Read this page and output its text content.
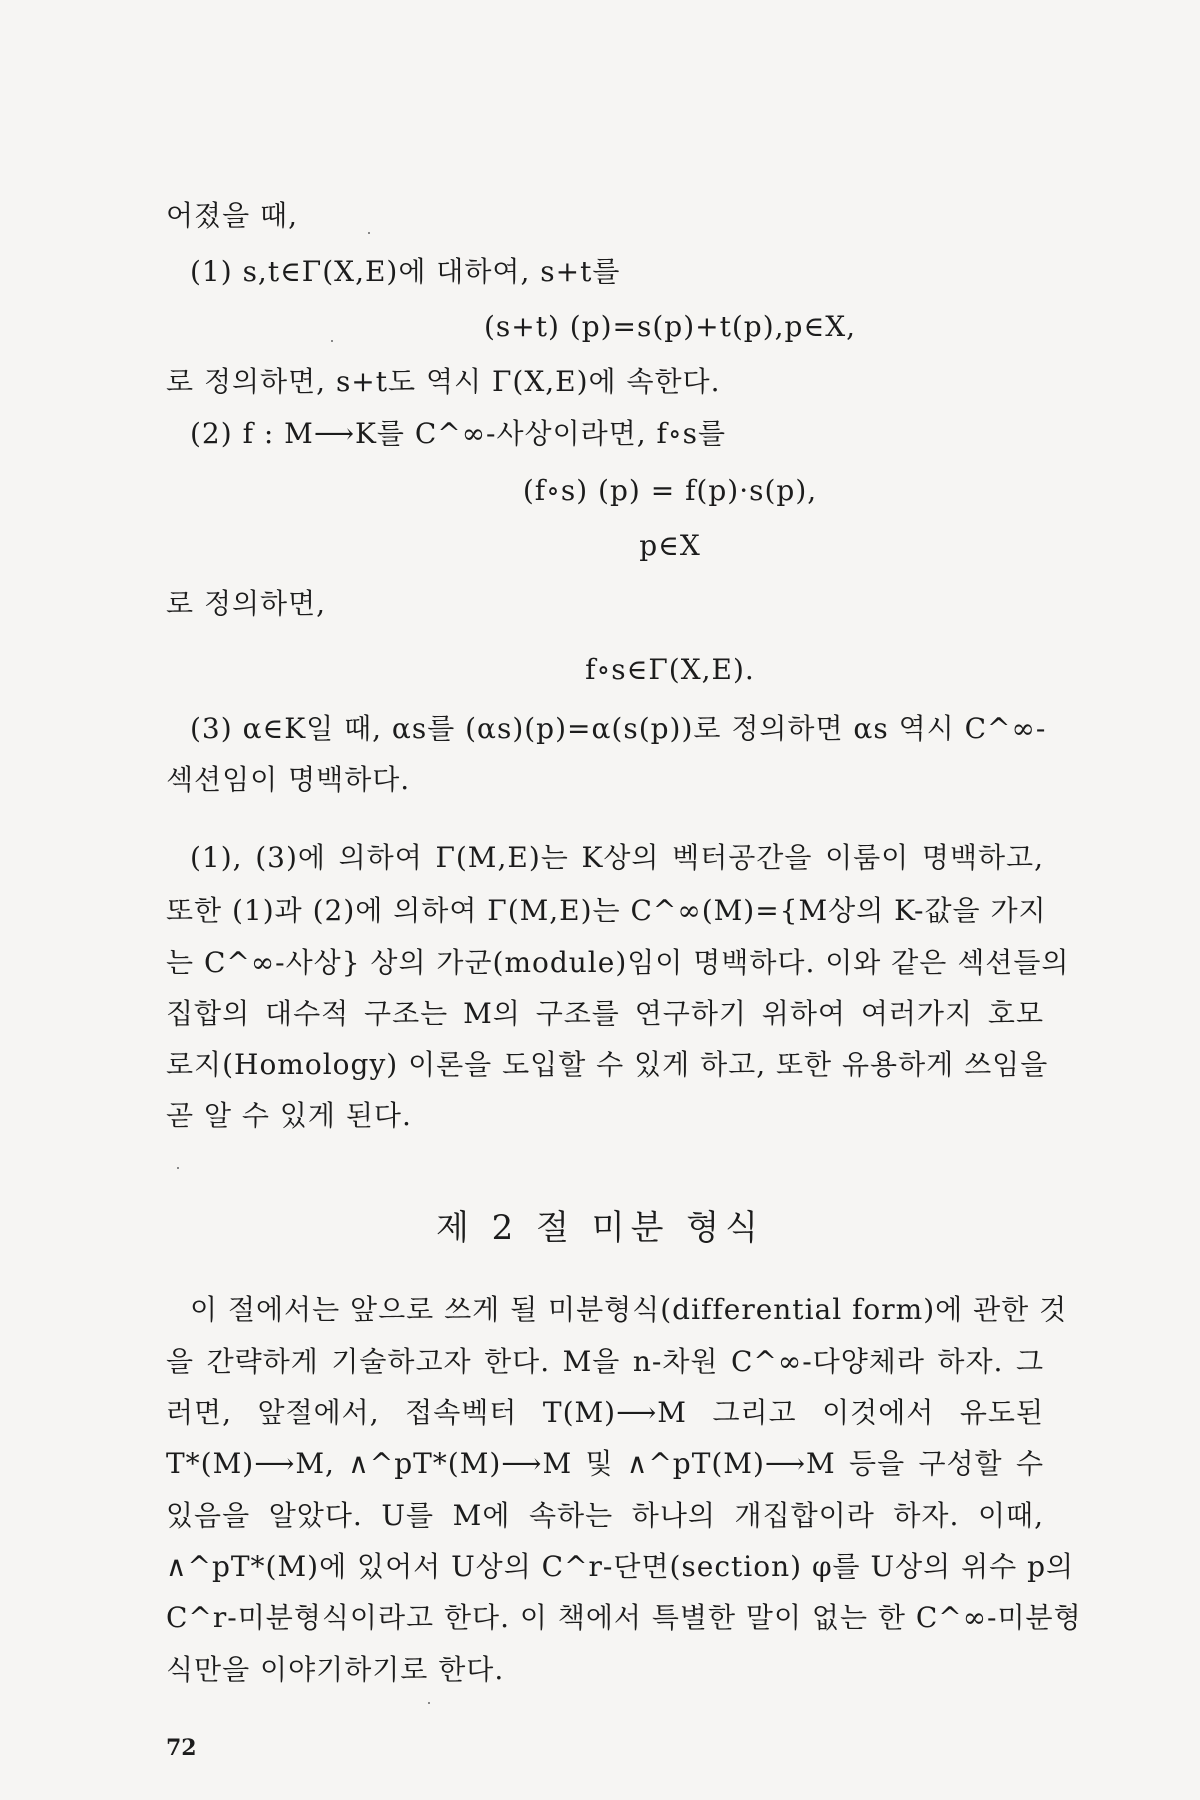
어졌을 때,
(1) s,t∈Γ(X,E)에 대하여, s+t를
(s+t) (p)=s(p)+t(p),p∈X,
로 정의하면, s+t도 역시 Γ(X,E)에 속한다.
(2) f : M⟶K를 C^∞-사상이라면, f∘s를
(f∘s) (p) = f(p)·s(p),
p∈X
로 정의하면,
f∘s∈Γ(X,E).
(3) α∈K일 때, αs를 (αs)(p)=α(s(p))로 정의하면 αs 역시 C^∞-
섹션임이 명백하다.
(1), (3)에 의하여 Γ(M,E)는 K상의 벡터공간을 이룸이 명백하고,
또한 (1)과 (2)에 의하여 Γ(M,E)는 C^∞(M)={M상의 K-값을 가지
는 C^∞-사상} 상의 가군(module)임이 명백하다. 이와 같은 섹션들의
집합의 대수적 구조는 M의 구조를 연구하기 위하여 여러가지 호모
로지(Homology) 이론을 도입할 수 있게 하고, 또한 유용하게 쓰임을
곧 알 수 있게 된다.
제 2 절 미분 형식
이 절에서는 앞으로 쓰게 될 미분형식(differential form)에 관한 것
을 간략하게 기술하고자 한다. M을 n-차원 C^∞-다양체라 하자. 그
러면, 앞절에서, 접속벡터 T(M)⟶M 그리고 이것에서 유도된
T*(M)⟶M, ∧^pT*(M)⟶M 및 ∧^pT(M)⟶M 등을 구성할 수
있음을 알았다. U를 M에 속하는 하나의 개집합이라 하자. 이때,
∧^pT*(M)에 있어서 U상의 C^r-단면(section) φ를 U상의 위수 p의
C^r-미분형식이라고 한다. 이 책에서 특별한 말이 없는 한 C^∞-미분형
식만을 이야기하기로 한다.
72
